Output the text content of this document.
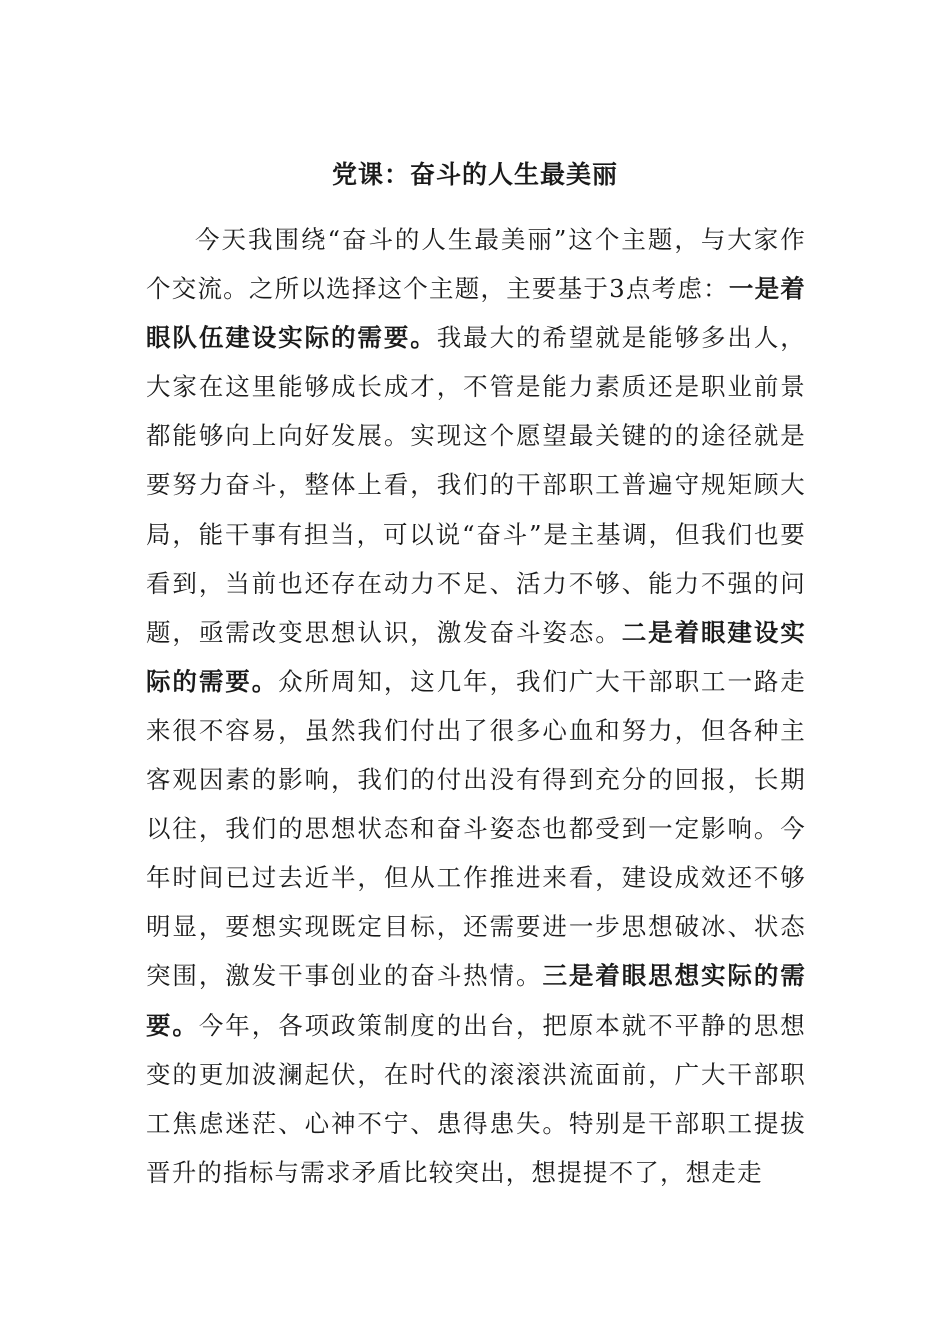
党课：奋斗的人生最美丽

今天我围绕“奋斗的人生最美丽”这个主题，与大家作个交流。之所以选择这个主题，主要基于3点考虑：一是着眼队伍建设实际的需要。我最大的希望就是能够多出人，大家在这里能够成长成才，不管是能力素质还是职业前景都能够向上向好发展。实现这个愿望最关键的的途径就是要努力奋斗，整体上看，我们的干部职工普遍守规矩顾大局，能干事有担当，可以说“奋斗”是主基调，但我们也要看到，当前也还存在动力不足、活力不够、能力不强的问题，亟需改变思想认识，激发奋斗姿态。二是着眼建设实际的需要。众所周知，这几年，我们广大干部职工一路走来很不容易，虽然我们付出了很多心血和努力，但各种主客观因素的影响，我们的付出没有得到充分的回报，长期以往，我们的思想状态和奋斗姿态也都受到一定影响。今年时间已过去近半，但从工作推进来看，建设成效还不够明显，要想实现既定目标，还需要进一步思想破冰、状态突围，激发干事创业的奋斗热情。三是着眼思想实际的需要。今年，各项政策制度的出台，把原本就不平静的思想变的更加波澜起伏，在时代的滚滚洪流面前，广大干部职工焦虑迷茫、心神不宁、患得患失。特别是干部职工提拔晋升的指标与需求矛盾比较突出，想提提不了，想走走
